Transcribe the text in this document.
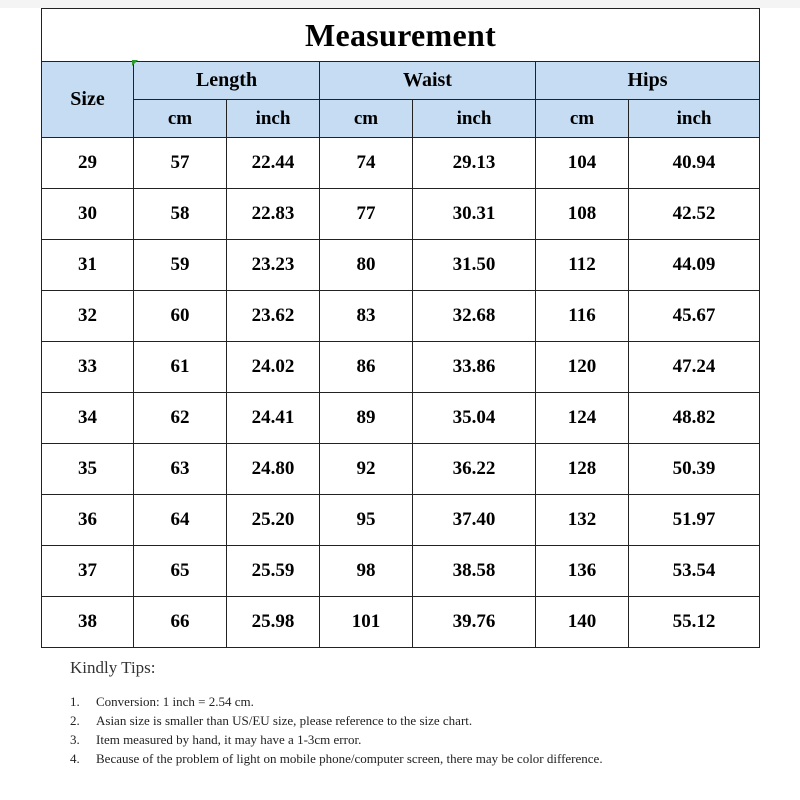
Measurement						
Size	Length		Waist		Hips	
	cm	inch	cm	inch	cm	inch
29	57	22.44	74	29.13	104	40.94
30	58	22.83	77	30.31	108	42.52
31	59	23.23	80	31.50	112	44.09
32	60	23.62	83	32.68	116	45.67
33	61	24.02	86	33.86	120	47.24
34	62	24.41	89	35.04	124	48.82
35	63	24.80	92	36.22	128	50.39
36	64	25.20	95	37.40	132	51.97
37	65	25.59	98	38.58	136	53.54
38	66	25.98	101	39.76	140	55.12
Kindly Tips:
1.	Conversion: 1 inch = 2.54 cm.
2.	Asian size is smaller than US/EU size, please reference to the size chart.
3.	Item measured by hand, it may have a 1-3cm error.
4.	Because of the problem of light on mobile phone/computer screen, there may be color difference.
